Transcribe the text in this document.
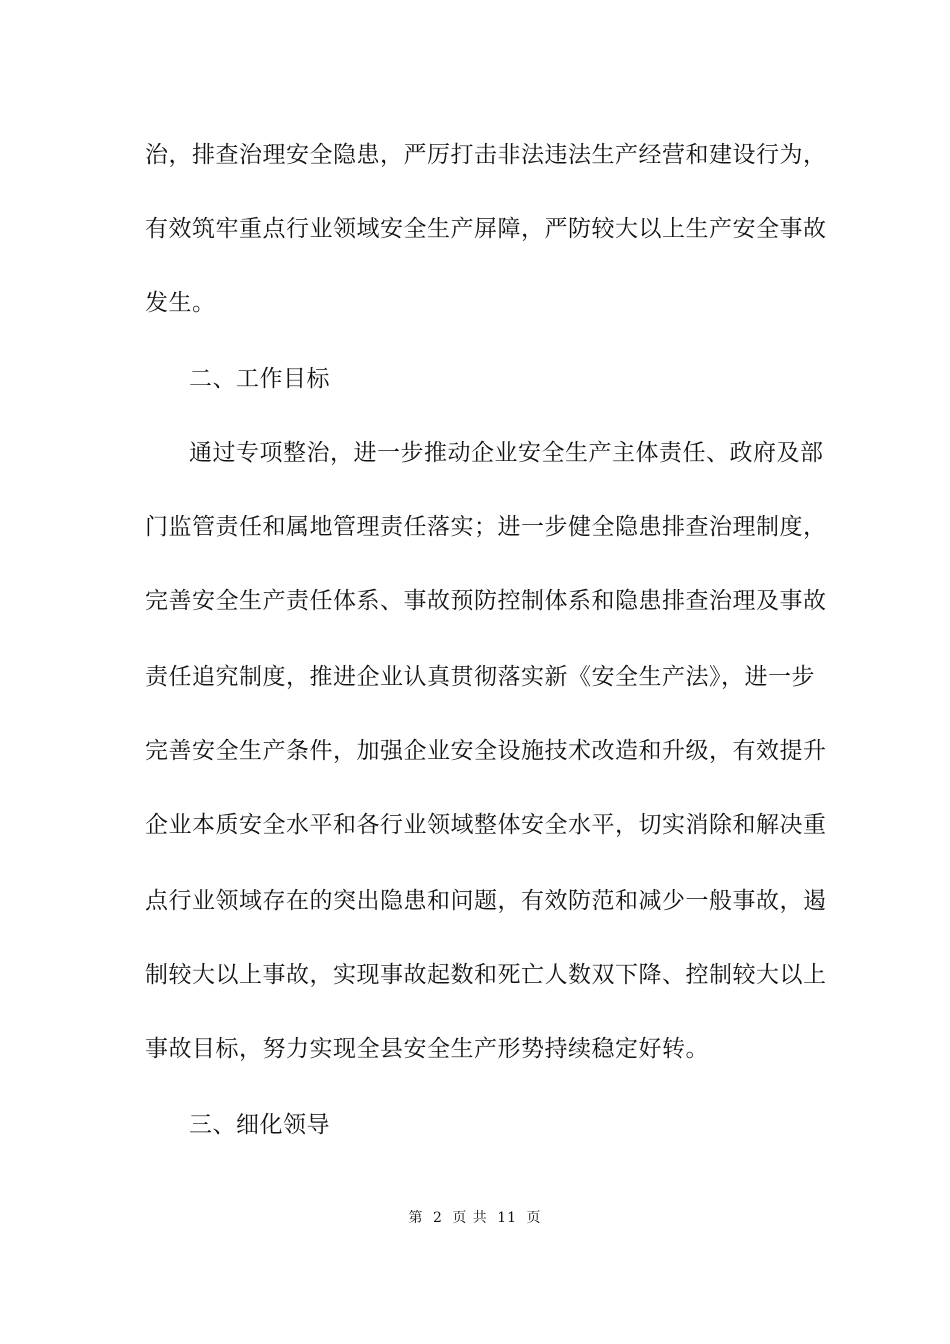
治，排查治理安全隐患，严厉打击非法违法生产经营和建设行为，
有效筑牢重点行业领域安全生产屏障，严防较大以上生产安全事故
发生。
二、工作目标
通过专项整治，进一步推动企业安全生产主体责任、政府及部
门监管责任和属地管理责任落实；进一步健全隐患排查治理制度，
完善安全生产责任体系、事故预防控制体系和隐患排查治理及事故
责任追究制度，推进企业认真贯彻落实新《安全生产法》，进一步
完善安全生产条件，加强企业安全设施技术改造和升级，有效提升
企业本质安全水平和各行业领域整体安全水平，切实消除和解决重
点行业领域存在的突出隐患和问题，有效防范和减少一般事故，遏
制较大以上事故，实现事故起数和死亡人数双下降、控制较大以上
事故目标，努力实现全县安全生产形势持续稳定好转。
三、细化领导
第 2 页 共 11 页
